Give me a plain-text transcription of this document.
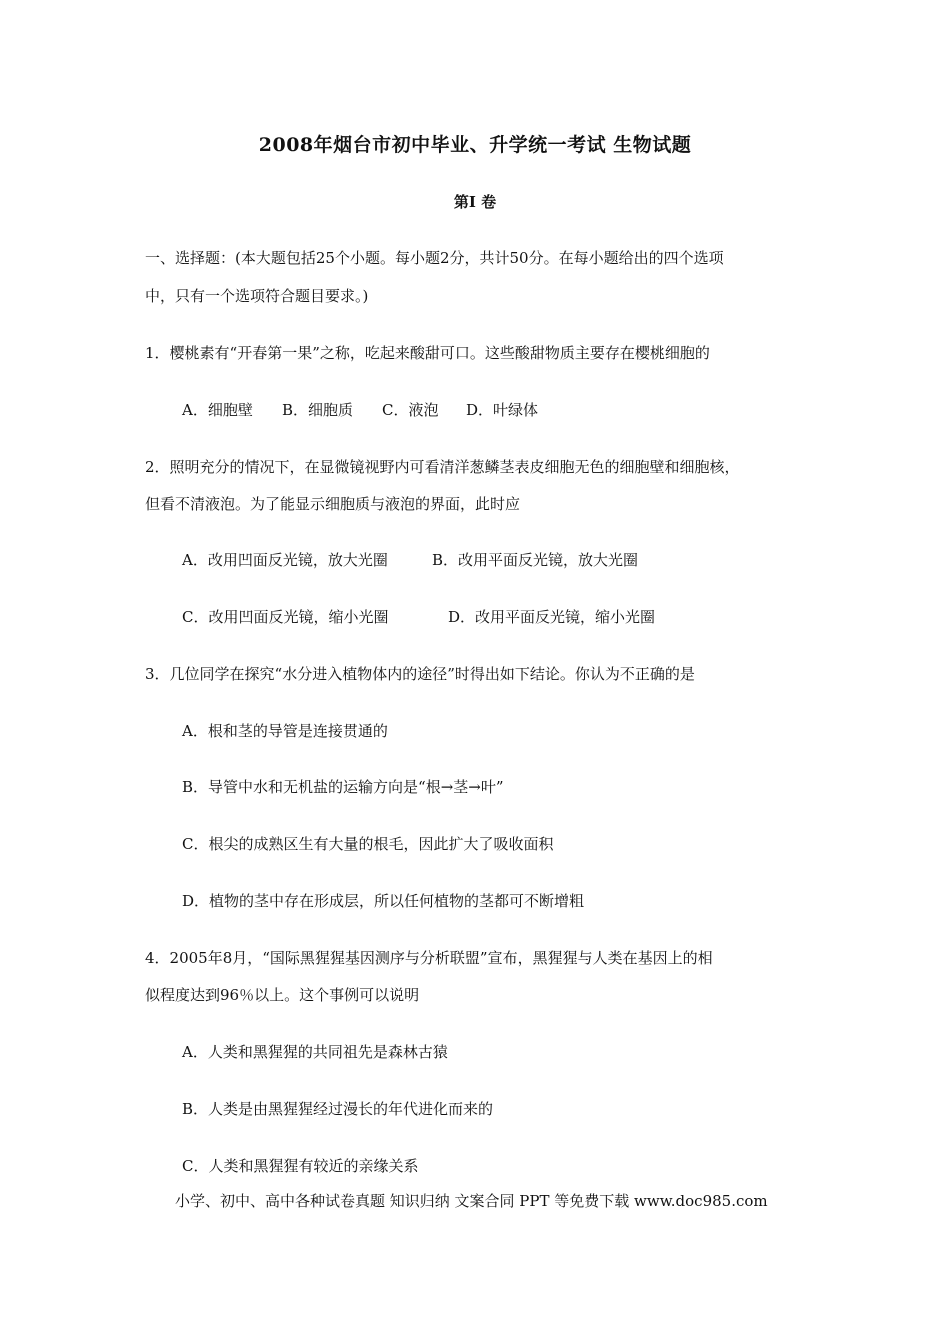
2008年烟台市初中毕业、升学统一考试 生物试题
第Ⅰ 卷
一、选择题：(本大题包括25个小题。每小题2分，共计50分。在每小题给出的四个选项
中，只有一个选项符合题目要求。)
1．樱桃素有“开春第一果”之称，吃起来酸甜可口。这些酸甜物质主要存在樱桃细胞的
A．细胞壁 B．细胞质 C．液泡 D．叶绿体
2．照明充分的情况下，在显微镜视野内可看清洋葱鳞茎表皮细胞无色的细胞壁和细胞核，
但看不清液泡。为了能显示细胞质与液泡的界面，此时应
A．改用凹面反光镜，放大光圈	B．改用平面反光镜，放大光圈
C．改用凹面反光镜，缩小光圈	D．改用平面反光镜，缩小光圈
3．几位同学在探究“水分进入植物体内的途径”时得出如下结论。你认为不正确的是
A．根和茎的导管是连接贯通的
B．导管中水和无机盐的运输方向是“根→茎→叶”
C．根尖的成熟区生有大量的根毛，因此扩大了吸收面积
D．植物的茎中存在形成层，所以任何植物的茎都可不断增粗
4．2005年8月，“国际黑猩猩基因测序与分析联盟”宣布，黑猩猩与人类在基因上的相
似程度达到96％以上。这个事例可以说明
A．人类和黑猩猩的共同祖先是森林古猿
B．人类是由黑猩猩经过漫长的年代进化而来的
C．人类和黑猩猩有较近的亲缘关系
小学、初中、高中各种试卷真题 知识归纳 文案合同 PPT 等免费下载 www.doc985.com
